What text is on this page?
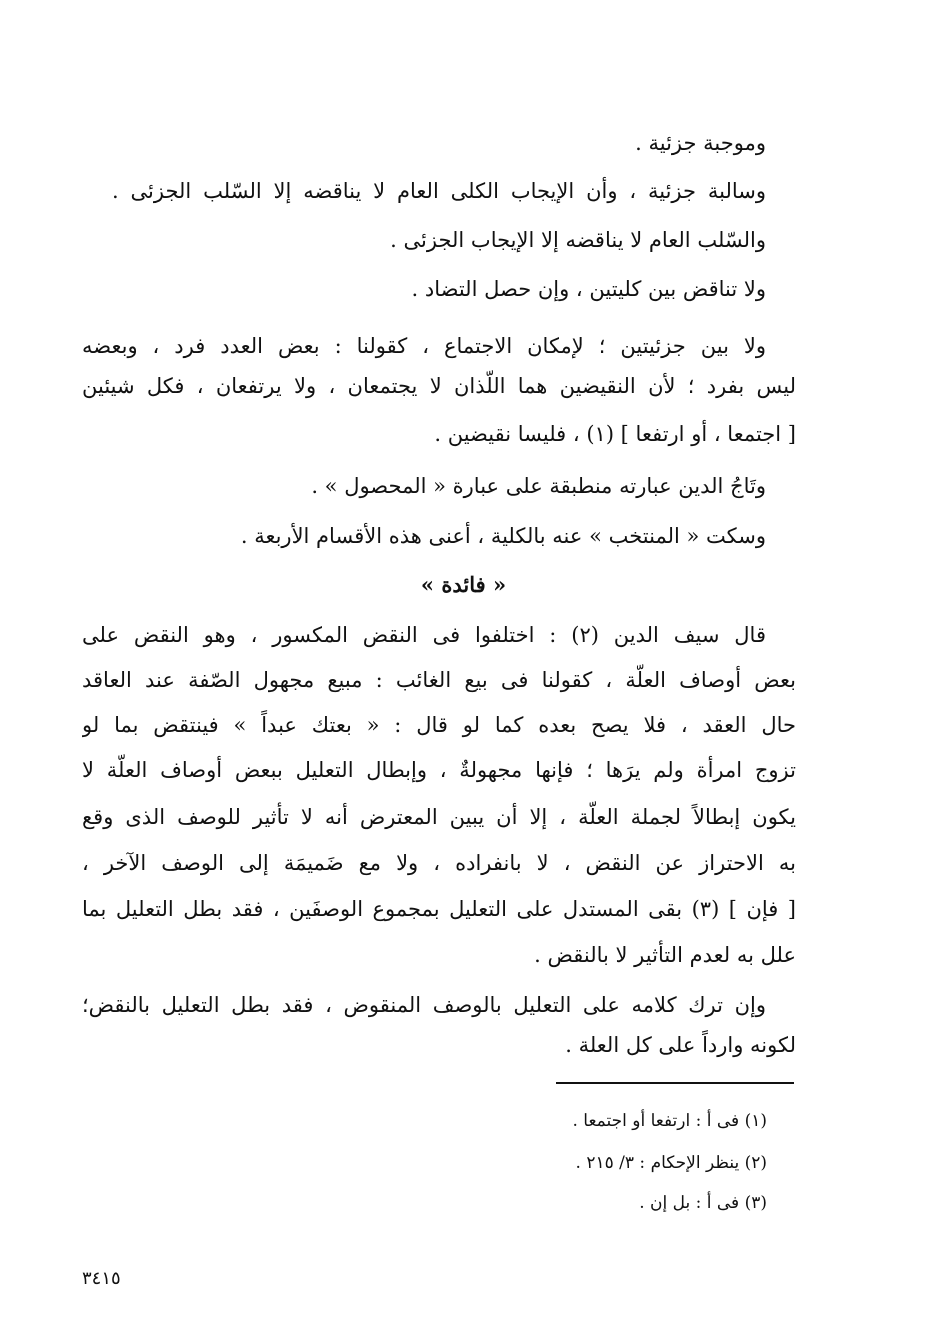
وموجبة جزئية .
وسالبة جزئية ، وأن الإيجاب الكلى العام لا يناقضه إلا السّلب الجزئى .
والسّلب العام لا يناقضه إلا الإيجاب الجزئى .
ولا تناقض بين كليتين ، وإن حصل التضاد .
ولا بين جزئيتين ؛ لإمكان الاجتماع ، كقولنا : بعض العدد فرد ، وبعضه
ليس بفرد ؛ لأن النقيضين هما اللّذان لا يجتمعان ، ولا يرتفعان ، فكل شيئين
[ اجتمعا ، أو ارتفعا ] (١) ، فليسا نقيضين .
وتَاجُ الدين عبارته منطبقة على عبارة « المحصول » .
وسكت « المنتخب » عنه بالكلية ، أعنى هذه الأقسام الأربعة .
« فائدة »
قال سيف الدين (٢) : اختلفوا فى النقض المكسور ، وهو النقض على
بعض أوصاف العلّة ، كقولنا فى بيع الغائب : مبيع مجهول الصّفة عند العاقد
حال العقد ، فلا يصح بعده كما لو قال : « بعتك عبداً » فينتقض بما لو
تزوج امرأة ولم يرَها ؛ فإنها مجهولةٌ ، وإبطال التعليل ببعض أوصاف العلّة لا
يكون إبطالاً لجملة العلّة ، إلا أن يبين المعترض أنه لا تأثير للوصف الذى وقع
به الاحتراز عن النقض ، لا بانفراده ، ولا مع ضَميمَة إلى الوصف الآخر ،
[ فإن ] (٣) بقى المستدل على التعليل بمجموع الوصفَين ، فقد بطل التعليل بما
علل به لعدم التأثير لا بالنقض .
وإن ترك كلامه على التعليل بالوصف المنقوض ، فقد بطل التعليل بالنقض؛
لكونه وارداً على كل العلة .
(١) فى أ : ارتفعا أو اجتمعا .
(٢) ينظر الإحكام : ٣/ ٢١٥ .
(٣) فى أ : بل إن .
٣٤١٥
